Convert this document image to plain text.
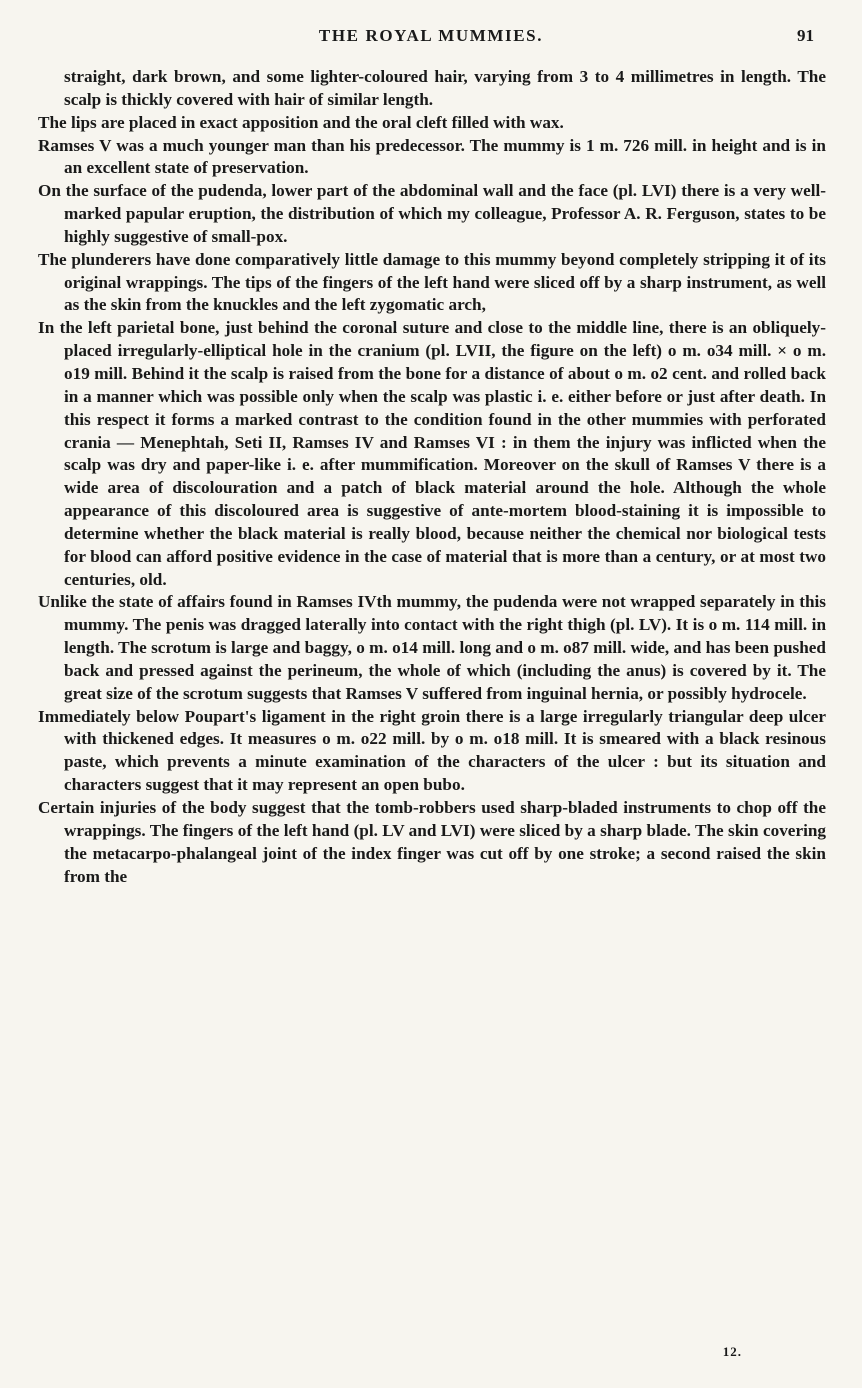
THE ROYAL MUMMIES.	91

straight, dark brown, and some lighter-coloured hair, varying from 3 to 4 millimetres in length. The scalp is thickly covered with hair of similar length.

The lips are placed in exact apposition and the oral cleft filled with wax.

Ramses V was a much younger man than his predecessor. The mummy is 1 m. 726 mill. in height and is in an excellent state of preservation.

On the surface of the pudenda, lower part of the abdominal wall and the face (pl. LVI) there is a very well-marked papular eruption, the distribution of which my colleague, Professor A. R. Ferguson, states to be highly suggestive of small-pox.

The plunderers have done comparatively little damage to this mummy beyond completely stripping it of its original wrappings. The tips of the fingers of the left hand were sliced off by a sharp instrument, as well as the skin from the knuckles and the left zygomatic arch,

In the left parietal bone, just behind the coronal suture and close to the middle line, there is an obliquely-placed irregularly-elliptical hole in the cranium (pl. LVII, the figure on the left) o m. o34 mill. × o m. o19 mill. Behind it the scalp is raised from the bone for a distance of about o m. o2 cent. and rolled back in a manner which was possible only when the scalp was plastic i. e. either before or just after death. In this respect it forms a marked contrast to the condition found in the other mummies with perforated crania — Menephtah, Seti II, Ramses IV and Ramses VI : in them the injury was inflicted when the scalp was dry and paper-like i. e. after mummification. Moreover on the skull of Ramses V there is a wide area of discolouration and a patch of black material around the hole. Although the whole appearance of this discoloured area is suggestive of ante-mortem blood-staining it is impossible to determine whether the black material is really blood, because neither the chemical nor biological tests for blood can afford positive evidence in the case of material that is more than a century, or at most two centuries, old.

Unlike the state of affairs found in Ramses IVth mummy, the pudenda were not wrapped separately in this mummy. The penis was dragged laterally into contact with the right thigh (pl. LV). It is o m. 114 mill. in length. The scrotum is large and baggy, o m. o14 mill. long and o m. o87 mill. wide, and has been pushed back and pressed against the perineum, the whole of which (including the anus) is covered by it. The great size of the scrotum suggests that Ramses V suffered from inguinal hernia, or possibly hydrocele.

Immediately below Poupart's ligament in the right groin there is a large irregularly triangular deep ulcer with thickened edges. It measures o m. o22 mill. by o m. o18 mill. It is smeared with a black resinous paste, which prevents a minute examination of the characters of the ulcer : but its situation and characters suggest that it may represent an open bubo.

Certain injuries of the body suggest that the tomb-robbers used sharp-bladed instruments to chop off the wrappings. The fingers of the left hand (pl. LV and LVI) were sliced by a sharp blade. The skin covering the metacarpo-phalangeal joint of the index finger was cut off by one stroke; a second raised the skin from the

12.
